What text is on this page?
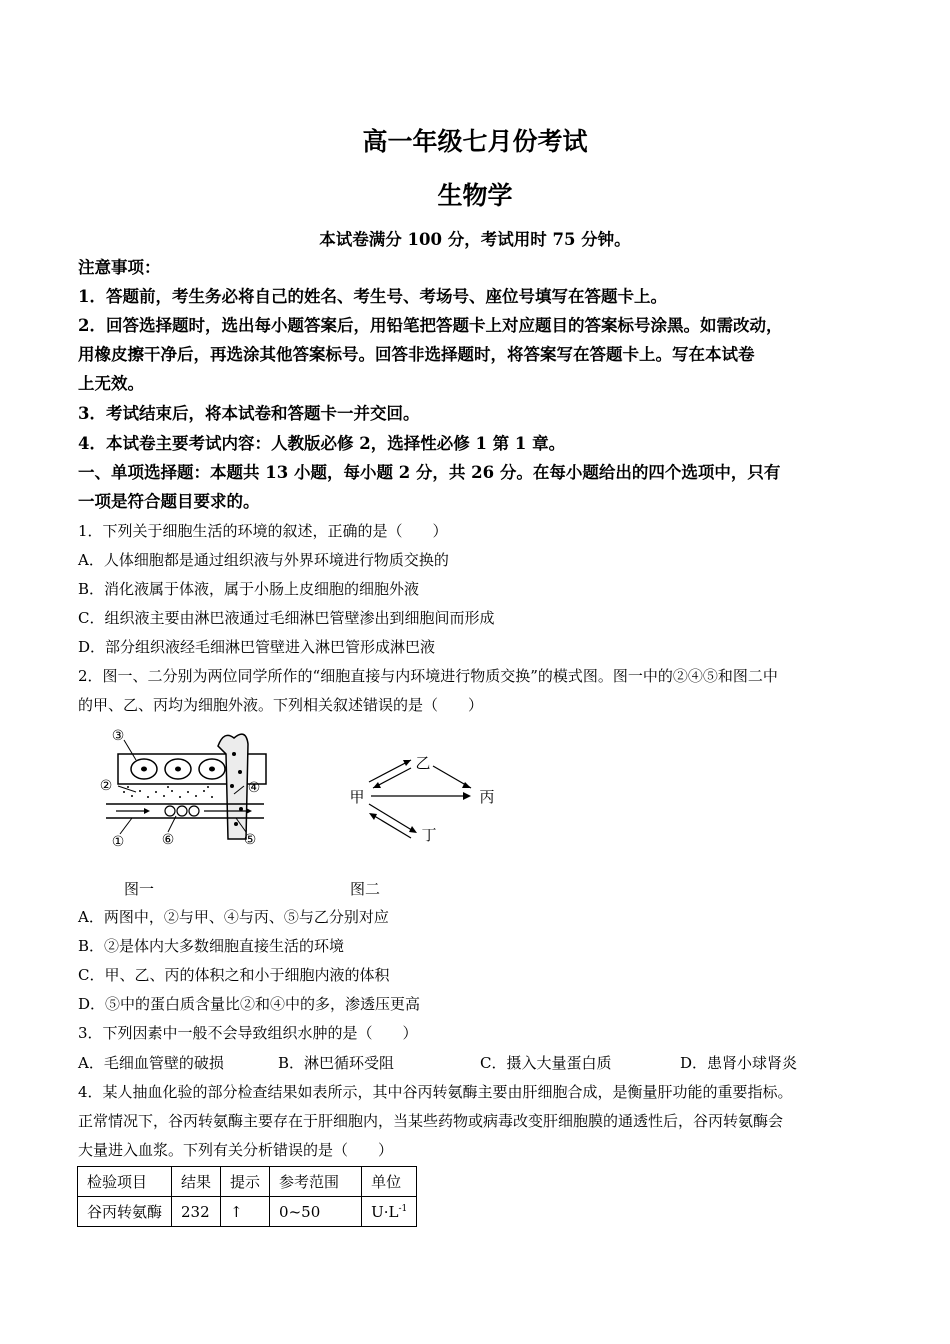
高一年级七月份考试
生物学
本试卷满分 100 分，考试用时 75 分钟。
注意事项：
1．答题前，考生务必将自己的姓名、考生号、考场号、座位号填写在答题卡上。
2．回答选择题时，选出每小题答案后，用铅笔把答题卡上对应题目的答案标号涂黑。如需改动，
用橡皮擦干净后，再选涂其他答案标号。回答非选择题时，将答案写在答题卡上。写在本试卷
上无效。
3．考试结束后，将本试卷和答题卡一并交回。
4．本试卷主要考试内容：人教版必修 2，选择性必修 1 第 1 章。
一、单项选择题：本题共 13 小题，每小题 2 分，共 26 分。在每小题给出的四个选项中，只有
一项是符合题目要求的。
1．下列关于细胞生活的环境的叙述，正确的是（　　）
A．人体细胞都是通过组织液与外界环境进行物质交换的
B．消化液属于体液，属于小肠上皮细胞的细胞外液
C．组织液主要由淋巴液通过毛细淋巴管壁渗出到细胞间而形成
D．部分组织液经毛细淋巴管壁进入淋巴管形成淋巴液
2．图一、二分别为两位同学所作的“细胞直接与内环境进行物质交换”的模式图。图一中的②④⑤和图二中
的甲、乙、丙均为细胞外液。下列相关叙述错误的是（　　）
③
②
①	⑥
④
⑤
甲
乙
丙
丁
图一	图二
A．两图中，②与甲、④与丙、⑤与乙分别对应
B．②是体内大多数细胞直接生活的环境
C．甲、乙、丙的体积之和小于细胞内液的体积
D．⑤中的蛋白质含量比②和④中的多，渗透压更高
3．下列因素中一般不会导致组织水肿的是（　　）
A．毛细血管壁的破损	B．淋巴循环受阻	C．摄入大量蛋白质	D．患肾小球肾炎
4．某人抽血化验的部分检查结果如表所示，其中谷丙转氨酶主要由肝细胞合成，是衡量肝功能的重要指标。
正常情况下，谷丙转氨酶主要存在于肝细胞内，当某些药物或病毒改变肝细胞膜的通透性后，谷丙转氨酶会
大量进入血浆。下列有关分析错误的是（　　）
检验项目	结果	提示	参考范围	单位
谷丙转氨酶	232	↑	0~50	$U\cdot L^{-1}$
